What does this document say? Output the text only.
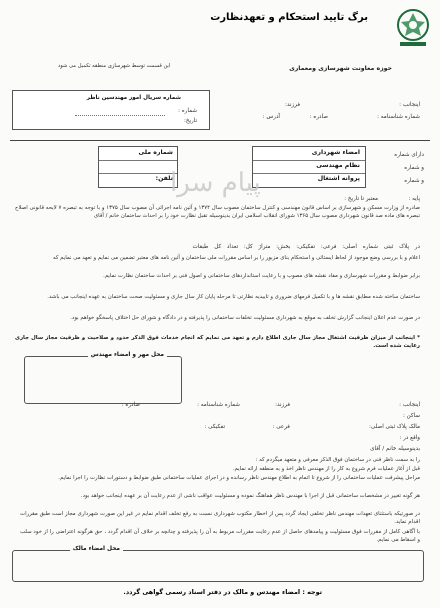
برگ تایید استحکام و تعهدنظارت
حوزه معاونت شهرسازی ومعماری
این قسمت توسط شهرسازی منطقه تکمیل می شود
شماره سریال امور مهندسین ناظر
شماره :
تاریخ:
اینجانب :
فرزند:
شماره شناسنامه :
صادره :
آدرس :
دارای شماره
و شماره
و شماره
امضاء شهرداری
نظام مهندسی
پروانه اشتغال
شماره ملی
تلفن:
پیام سرا
پایه :
معتبر تا تاریخ :
صادره از وزارت مسکن و شهرسازی بر اساس قانون مهندسی و کنترل ساختمان مصوب سال ۱۳۷۴ و آئین نامه اجرائی آن مصوب سال ۱۳۷۵ و با توجه به تبصره ۷ لایحه قانونی اصلاح تبصره های ماده صد قانون شهرداری مصوب سال ۱۳۶۵ شورای انقلاب اسلامی ایران بدینوسیله تقبل نظارت خود را بر احداث ساختمان خانم / آقای
در پلاک ثبتی شماره اصلی: فرعی: تفکیکی: بخش: متراژ کل: تعداد کل طبقات
اعلام و با بررسی وضع موجود از لحاظ ایستائی و استحکام بنای مزبور را بر اساس مقررات ملی ساختمان و آئین نامه های معتبر تضمین می نمایم و تعهد می نمایم که
برابر ضوابط و مقررات شهرسازی و مفاد نقشه های مصوب و با رعایت استانداردهای ساختمانی و اصول فنی بر احداث ساختمان نظارت نمایم.
ساختمان ساخته شده مطابق نقشه ها و با تکمیل فرمهای ضروری و تاییدیه نظارتی تا مرحله پایان کار سال جاری و مسئولیت صحت ساختمان به عهده اینجانب می باشد.
در صورت عدم اعلان اینجانب گزارش تخلف به موقع به شهرداری مسئولیت تخلفات ساختمانی را پذیرفته و در دادگاه و شورای حل اختلاف پاسخگو خواهم بود.
* اینجانب از میزان ظرفیت اشتغال مجاز سال جاری اطلاع دارم و تعهد می نمایم که انجام خدمات فوق الذکر حدود و صلاحیت و ظرفیت مجاز سال جاری رعایت شده است.
محل مهر و امضاء مهندس
اینجانب :
فرزند:
شماره شناسنامه :
صادره :
ساکن :
مالک پلاک ثبتی اصلی:
فرعی :
تفکیکی :
واقع در :
بدینوسیله خانم / آقای
را به سمت ناظر فنی در ساختمان فوق الذکر معرفی و متعهد میگردم که :
قبل از آغاز عملیات فرم شروع به کار را از مهندس ناظر اخذ و به منطقه ارائه نمایم.
مراحل پیشرفت عملیات ساختمانی را از شروع تا اتمام به اطلاع مهندس ناظر رسانده و در اجرای عملیات ساختمانی طبق ضوابط و دستورات نظارت را اجرا نمایم.
هر گونه تغییر در مشخصات ساختمانی قبل از اجرا با مهندس ناظر هماهنگ نموده و مسئولیت عواقب ناشی از عدم رعایت آن بر عهده اینجانب خواهد بود.
در صورتیکه باستثنای تعهدات مهندس ناظر تخلفی ایجاد گردد پس از اخطار مکتوب شهرداری نسبت به رفع تخلف اقدام نمایم در غیر این صورت شهرداری مجاز است طبق مقررات اقدام نماید.
با آگاهی کامل از مقررات فوق مسئولیت و پیامدهای حاصل از عدم رعایت مقررات مربوط به آن را پذیرفته و چنانچه بر خلاف آن اقدام گردد ، حق هرگونه اعتراضی را از خود سلب و اسقاط می نمایم.
محل امضاء مالک
توجه : امضاء مهندس و مالک در دفتر اسناد رسمی گواهی گردد.
